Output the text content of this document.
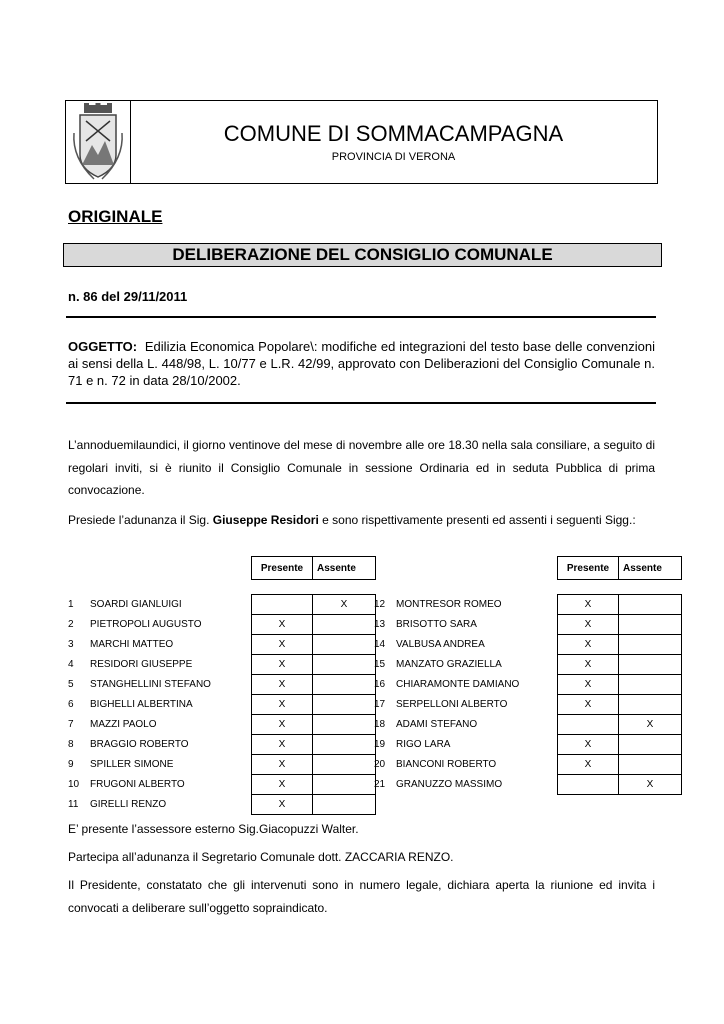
COMUNE DI SOMMACAMPAGNA
PROVINCIA DI VERONA
ORIGINALE
DELIBERAZIONE DEL CONSIGLIO COMUNALE
n. 86 del 29/11/2011
OGGETTO: Edilizia Economica Popolare\: modifiche ed integrazioni del testo base delle convenzioni ai sensi della L. 448/98, L. 10/77 e L.R. 42/99, approvato con Deliberazioni del Consiglio Comunale n. 71 e n. 72 in data 28/10/2002.
L’annoduemilaundici, il giorno ventinove del mese di novembre alle ore 18.30 nella sala consiliare, a seguito di regolari inviti, si è riunito il Consiglio Comunale in sessione Ordinaria ed in seduta Pubblica di prima convocazione.
Presiede l’adunanza il Sig. Giuseppe Residori e sono rispettivamente presenti ed assenti i seguenti Sigg.:
		Presente	Assente

1	SOARDI GIANLUIGI		X
2	PIETROPOLI AUGUSTO	X	
3	MARCHI MATTEO	X	
4	RESIDORI GIUSEPPE	X	
5	STANGHELLINI STEFANO	X	
6	BIGHELLI ALBERTINA	X	
7	MAZZI PAOLO	X	
8	BRAGGIO ROBERTO	X	
9	SPILLER SIMONE	X	
10	FRUGONI ALBERTO	X	
11	GIRELLI RENZO	X	
		Presente	Assente

12	MONTRESOR ROMEO	X	
13	BRISOTTO SARA	X	
14	VALBUSA ANDREA	X	
15	MANZATO GRAZIELLA	X	
16	CHIARAMONTE DAMIANO	X	
17	SERPELLONI ALBERTO	X	
18	ADAMI STEFANO		X
19	RIGO LARA	X	
20	BIANCONI ROBERTO	X	
21	GRANUZZO MASSIMO		X
E’ presente l’assessore esterno Sig.Giacopuzzi Walter.
Partecipa all’adunanza il Segretario Comunale dott. ZACCARIA RENZO.
Il Presidente, constatato che gli intervenuti sono in numero legale, dichiara aperta la riunione ed invita i convocati a deliberare sull’oggetto sopraindicato.
